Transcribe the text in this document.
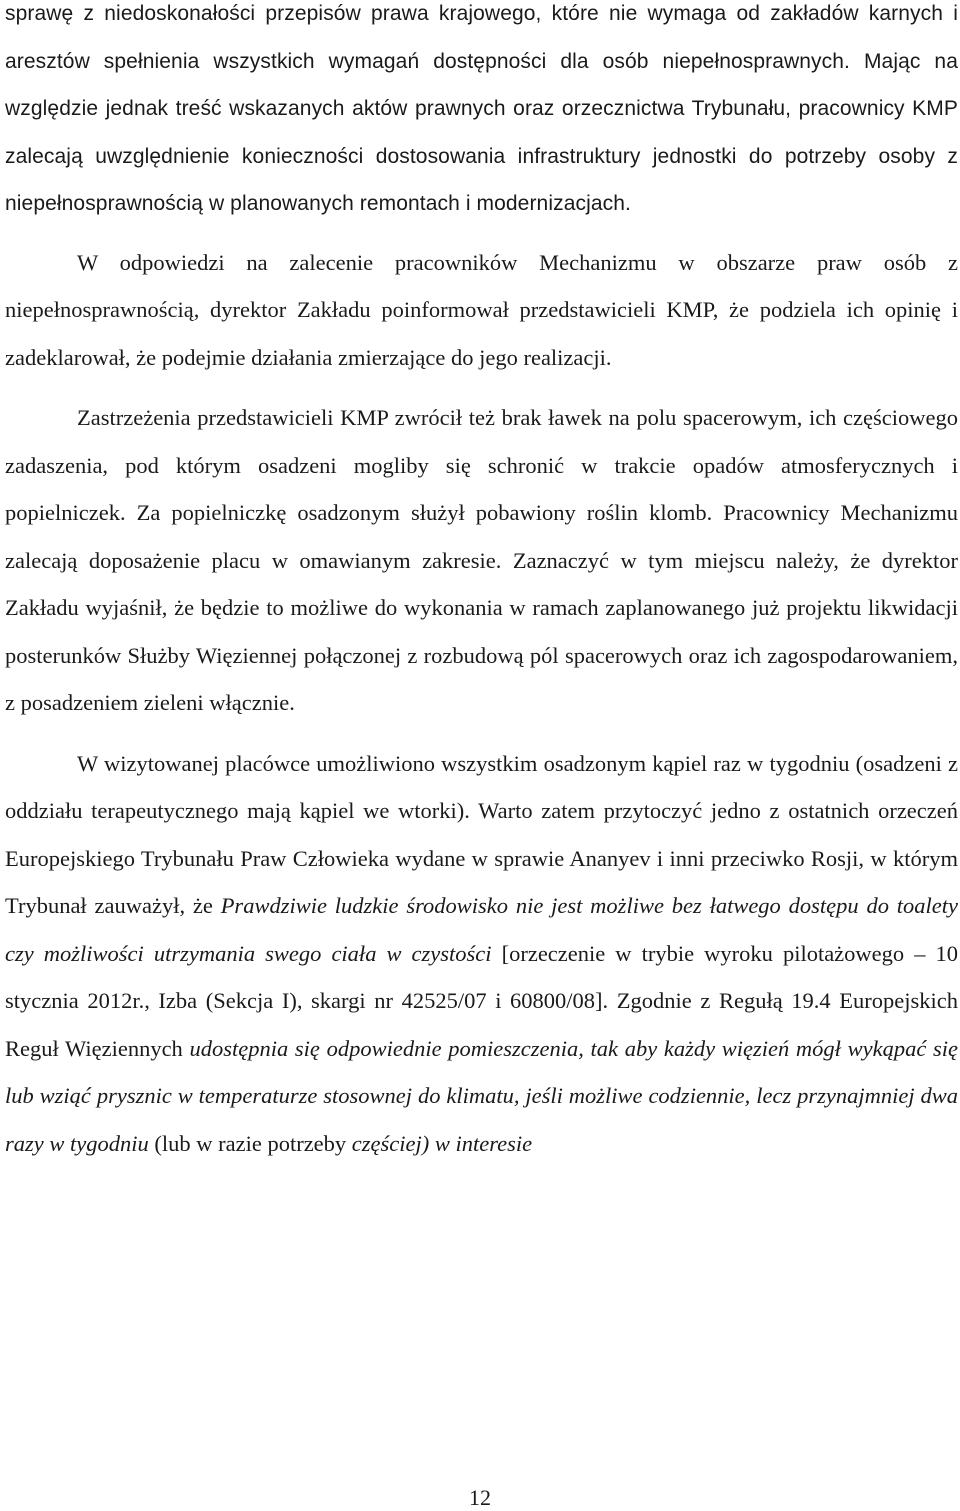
sprawę z niedoskonałości przepisów prawa krajowego, które nie wymaga od zakładów karnych i aresztów spełnienia wszystkich wymagań dostępności dla osób niepełnosprawnych. Mając na względzie jednak treść wskazanych aktów prawnych oraz orzecznictwa Trybunału, pracownicy KMP zalecają uwzględnienie konieczności dostosowania infrastruktury jednostki do potrzeby osoby z niepełnosprawnością w planowanych remontach i modernizacjach.

W odpowiedzi na zalecenie pracowników Mechanizmu w obszarze praw osób z niepełnosprawnością, dyrektor Zakładu poinformował przedstawicieli KMP, że podziela ich opinię i zadeklarował, że podejmie działania zmierzające do jego realizacji.

Zastrzeżenia przedstawicieli KMP zwrócił też brak ławek na polu spacerowym, ich częściowego zadaszenia, pod którym osadzeni mogliby się schronić w trakcie opadów atmosferycznych i popielniczek. Za popielniczkę osadzonym służył pobawiony roślin klomb. Pracownicy Mechanizmu zalecają doposażenie placu w omawianym zakresie. Zaznaczyć w tym miejscu należy, że dyrektor Zakładu wyjaśnił, że będzie to możliwe do wykonania w ramach zaplanowanego już projektu likwidacji posterunków Służby Więziennej połączonej z rozbudową pól spacerowych oraz ich zagospodarowaniem, z posadzeniem zieleni włącznie.

W wizytowanej placówce umożliwiono wszystkim osadzonym kąpiel raz w tygodniu (osadzeni z oddziału terapeutycznego mają kąpiel we wtorki). Warto zatem przytoczyć jedno z ostatnich orzeczeń Europejskiego Trybunału Praw Człowieka wydane w sprawie Ananyev i inni przeciwko Rosji, w którym Trybunał zauważył, że Prawdziwie ludzkie środowisko nie jest możliwe bez łatwego dostępu do toalety czy możliwości utrzymania swego ciała w czystości [orzeczenie w trybie wyroku pilotażowego – 10 stycznia 2012r., Izba (Sekcja I), skargi nr 42525/07 i 60800/08]. Zgodnie z Regułą 19.4 Europejskich Reguł Więziennych udostępnia się odpowiednie pomieszczenia, tak aby każdy więzień mógł wykąpać się lub wziąć prysznic w temperaturze stosownej do klimatu, jeśli możliwe codziennie, lecz przynajmniej dwa razy w tygodniu (lub w razie potrzeby częściej) w interesie

12
